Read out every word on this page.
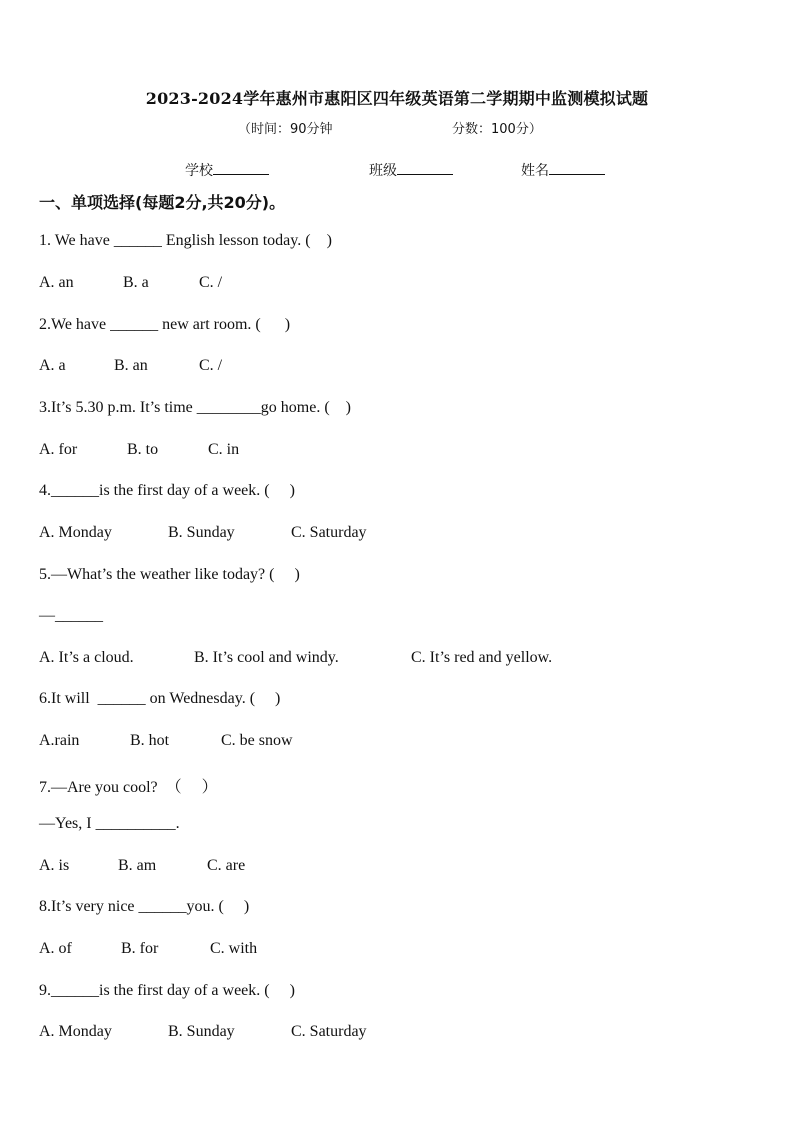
2023-2024学年惠州市惠阳区四年级英语第二学期期中监测模拟试题
（时间：90分钟	分数：100分）
学校	班级	姓名
一、单项选择(每题2分,共20分)。
1. We have ______ English lesson today. (    )
A. an	B. a	C. /
2.We have ______ new art room. (      )
A. a	B. an	C. /
3.It’s 5.30 p.m. It’s time ________go home. (    )
A. for	B. to	C. in
4.______is the first day of a week. (     )
A. Monday	B. Sunday	C. Saturday
5.—What’s the weather like today? (     )
—______
A. It’s a cloud.	B. It’s cool and windy.	C. It’s red and yellow.
6.It will  ______ on Wednesday. (     )
A.rain	B. hot	C. be snow
7.—Are you cool?  （     ）
—Yes, I __________.
A. is	B. am	C. are
8.It’s very nice ______you. (     )
A. of	B. for	C. with
9.______is the first day of a week. (     )
A. Monday	B. Sunday	C. Saturday
